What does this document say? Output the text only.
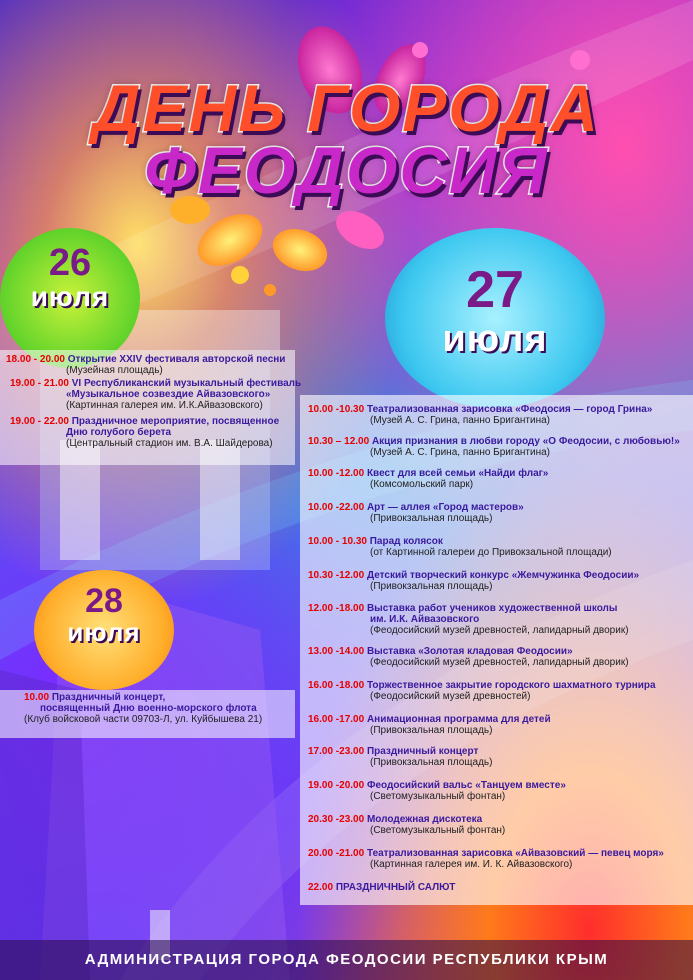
ДЕНЬ ГОРОДА
ФЕОДОСИЯ
26
июля	27
июля
28
июля
18.00 - 20.00 Открытие XXIV фестиваля авторской песни
(Музейная площадь)
19.00 - 21.00 VI Республиканский музыкальный фестиваль
«Музыкальное созвездие Айвазовского»
(Картинная галерея им. И.К.Айвазовского)
19.00 - 22.00 Праздничное мероприятие, посвященное
Дню голубого берета
(Центральный стадион им. В.А. Шайдерова)
10.00 Праздничный концерт,
посвященный Дню военно-морского флота
(Клуб войсковой части 09703-Л, ул. Куйбышева 21)
10.00 -10.30 Театрализованная зарисовка «Феодосия — город Грина»
(Музей А. С. Грина, панно Бригантина)
10.30 – 12.00 Акция признания в любви городу «О Феодосии, с любовью!»
(Музей А. С. Грина, панно Бригантина)
10.00 -12.00 Квест для всей семьи «Найди флаг»
(Комсомольский парк)
10.00 -22.00 Арт — аллея «Город мастеров»
(Привокзальная площадь)
10.00 - 10.30 Парад колясок
(от Картинной галереи до Привокзальной площади)
10.30 -12.00 Детский творческий конкурс «Жемчужинка Феодосии»
(Привокзальная площадь)
12.00 -18.00 Выставка работ учеников художественной школы
им. И.К. Айвазовского
(Феодосийский музей древностей, лапидарный дворик)
13.00 -14.00 Выставка «Золотая кладовая Феодосии»
(Феодосийский музей древностей, лапидарный дворик)
16.00 -18.00 Торжественное закрытие городского шахматного турнира
(Феодосийский музей древностей)
16.00 -17.00 Анимационная программа для детей
(Привокзальная площадь)
17.00 -23.00 Праздничный концерт
(Привокзальная площадь)
19.00 -20.00 Феодосийский вальс «Танцуем вместе»
(Светомузыкальный фонтан)
20.30 -23.00 Молодежная дискотека
(Светомузыкальный фонтан)
20.00 -21.00 Театрализованная зарисовка «Айвазовский — певец моря»
(Картинная галерея им. И. К. Айвазовского)
22.00 ПРАЗДНИЧНЫЙ САЛЮТ
АДМИНИСТРАЦИЯ ГОРОДА ФЕОДОСИИ РЕСПУБЛИКИ КРЫМ
